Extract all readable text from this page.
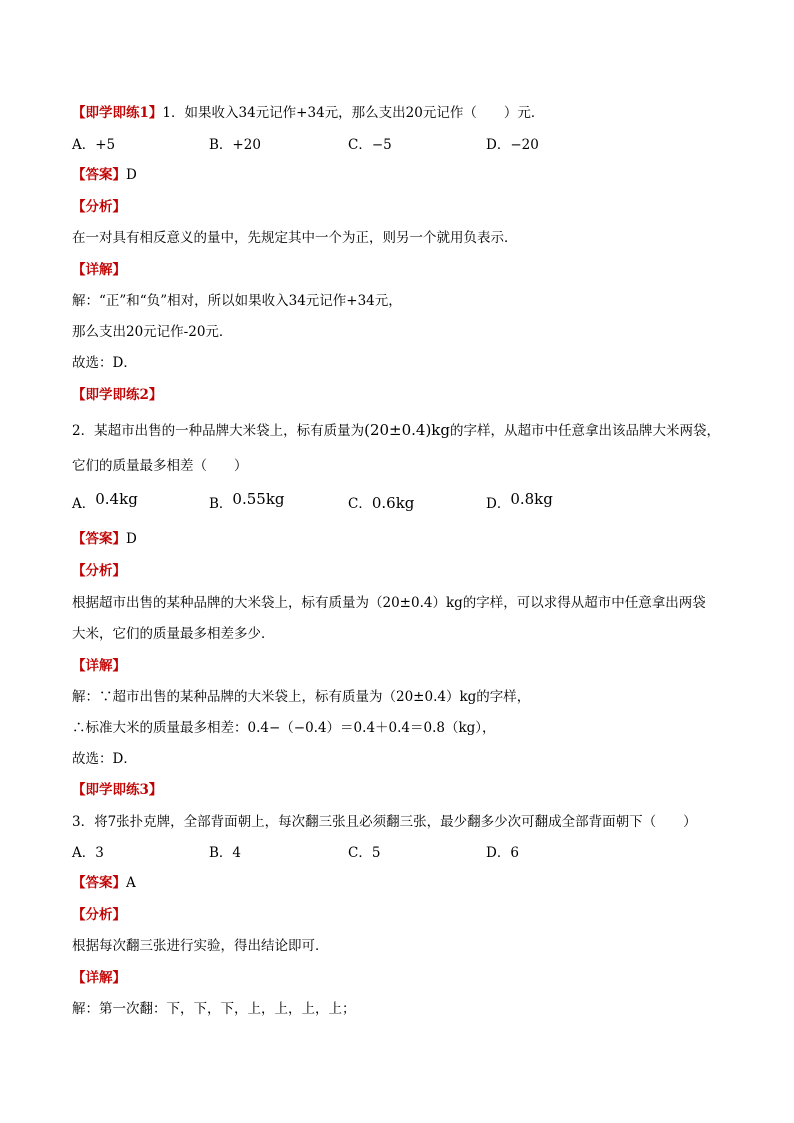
【即学即练1】1．如果收入34元记作+34元，那么支出20元记作（　　）元．
A．+5	B．+20	C．−5	D．−20
【答案】D
【分析】
在一对具有相反意义的量中，先规定其中一个为正，则另一个就用负表示．
【详解】
解：“正”和“负”相对，所以如果收入34元记作+34元，
那么支出20元记作-20元．
故选：D．
【即学即练2】
2．某超市出售的一种品牌大米袋上，标有质量为(20±0.4)kg的字样，从超市中任意拿出该品牌大米两袋，
它们的质量最多相差（　　）
A．0.4kg	B．0.55kg	C．0.6kg	D．0.8kg
【答案】D
【分析】
根据超市出售的某种品牌的大米袋上，标有质量为（20±0.4）kg的字样，可以求得从超市中任意拿出两袋
大米，它们的质量最多相差多少．
【详解】
解：∵超市出售的某种品牌的大米袋上，标有质量为（20±0.4）kg的字样，
∴标准大米的质量最多相差：0.4−（−0.4）＝0.4＋0.4＝0.8（kg），
故选：D．
【即学即练3】
3．将7张扑克牌，全部背面朝上，每次翻三张且必须翻三张，最少翻多少次可翻成全部背面朝下（　　）
A．3	B．4	C．5	D．6
【答案】A
【分析】
根据每次翻三张进行实验，得出结论即可．
【详解】
解：第一次翻：下，下，下，上，上，上，上；
